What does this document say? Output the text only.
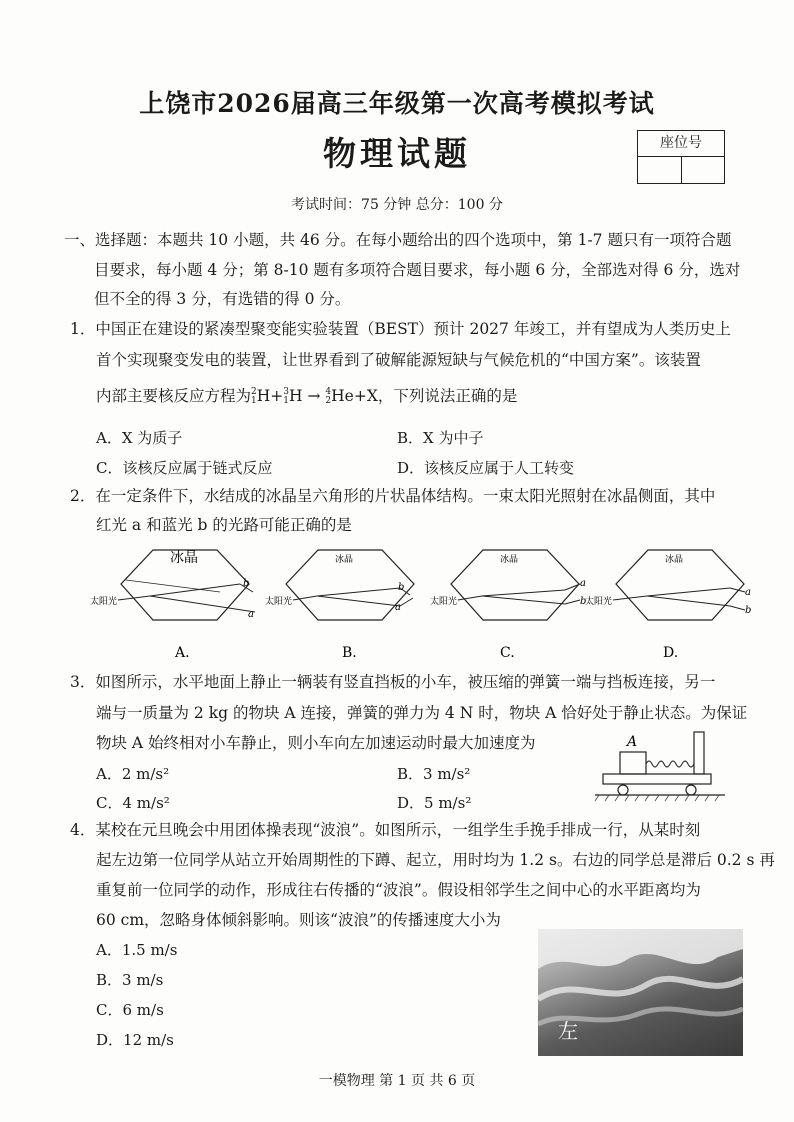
上饶市2026届高三年级第一次高考模拟考试
物理试题	座位号
考试时间：75 分钟 总分：100 分
一、选择题：本题共 10 小题，共 46 分。在每小题给出的四个选项中，第 1-7 题只有一项符合题
目要求，每小题 4 分；第 8-10 题有多项符合题目要求，每小题 6 分，全部选对得 6 分，选对
但不全的得 3 分，有选错的得 0 分。
1．中国正在建设的紧凑型聚变能实验装置（BEST）预计 2027 年竣工，并有望成为人类历史上
首个实现聚变发电的装置，让世界看到了破解能源短缺与气候危机的“中国方案”。该装置
内部主要核反应方程为 2
1 H+ 3
1 H → 4
2 He+X，下列说法正确的是
A．X 为质子	B．X 为中子
C．该核反应属于链式反应	D．该核反应属于人工转变
2．在一定条件下，水结成的冰晶呈六角形的片状晶体结构。一束太阳光照射在冰晶侧面，其中
红光 a 和蓝光 b 的光路可能正确的是
冰晶
太阳光
b
a
冰晶
太阳光
b
a
冰晶
太阳光
a
b
冰晶
太阳光
a
b
A.	B.	C.	D.
3．如图所示，水平地面上静止一辆装有竖直挡板的小车，被压缩的弹簧一端与挡板连接，另一
端与一质量为 2 kg 的物块 A 连接，弹簧的弹力为 4 N 时，物块 A 恰好处于静止状态。为保证
物块 A 始终相对小车静止，则小车向左加速运动时最大加速度为
A．2 m/s²	B．3 m/s²
C．4 m/s²	D．5 m/s²
A
4．某校在元旦晚会中用团体操表现“波浪”。如图所示，一组学生手挽手排成一行，从某时刻
起左边第一位同学从站立开始周期性的下蹲、起立，用时均为 1.2 s。右边的同学总是滞后 0.2 s 再
重复前一位同学的动作，形成往右传播的“波浪”。假设相邻学生之间中心的水平距离均为
60 cm，忽略身体倾斜影响。则该“波浪”的传播速度大小为
A．1.5 m/s
B．3 m/s
C．6 m/s
D．12 m/s	左
一模物理 第 1 页 共 6 页
